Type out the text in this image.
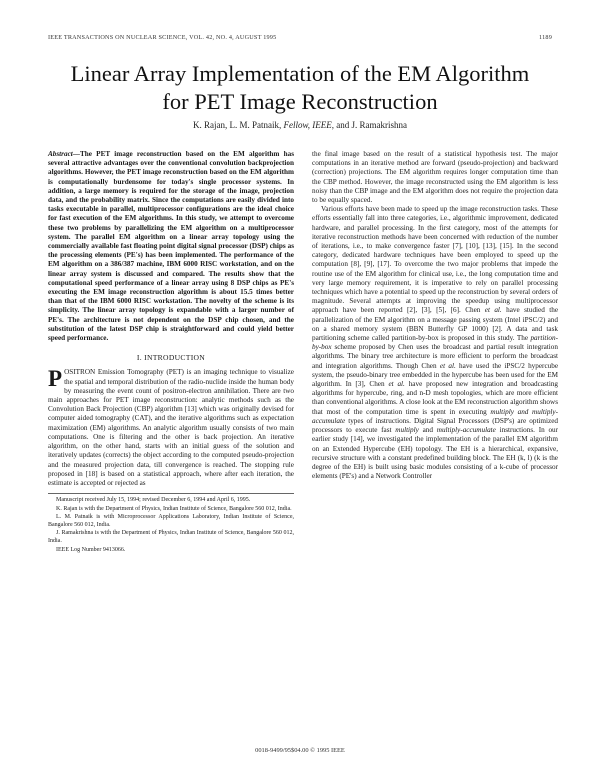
IEEE TRANSACTIONS ON NUCLEAR SCIENCE, VOL. 42, NO. 4, AUGUST 1995	1189
Linear Array Implementation of the EM Algorithm
for PET Image Reconstruction
K. Rajan, L. M. Patnaik, Fellow, IEEE, and J. Ramakrishna

Abstract—The PET image reconstruction based on the EM algorithm has several attractive advantages over the conventional convolution backprojection algorithms. However, the PET image reconstruction based on the EM algorithm is computationally burdensome for today's single processor systems. In addition, a large memory is required for the storage of the image, projection data, and the probability matrix. Since the computations are easily divided into tasks executable in parallel, multiprocessor configurations are the ideal choice for fast execution of the EM algorithms. In this study, we attempt to overcome these two problems by parallelizing the EM algorithm on a multiprocessor system. The parallel EM algorithm on a linear array topology using the commercially available fast floating point digital signal processor (DSP) chips as the processing elements (PE's) has been implemented. The performance of the EM algorithm on a 386/387 machine, IBM 6000 RISC workstation, and on the linear array system is discussed and compared. The results show that the computational speed performance of a linear array using 8 DSP chips as PE's executing the EM image reconstruction algorithm is about 15.5 times better than that of the IBM 6000 RISC workstation. The novelty of the scheme is its simplicity. The linear array topology is expandable with a larger number of PE's. The architecture is not dependent on the DSP chip chosen, and the substitution of the latest DSP chip is straightforward and could yield better speed performance.

I. INTRODUCTION

POSITRON Emission Tomography (PET) is an imaging technique to visualize the spatial and temporal distribution of the radio-nuclide inside the human body by measuring the event count of positron-electron annihilation. There are two main approaches for PET image reconstruction: analytic methods such as the Convolution Back Projection (CBP) algorithm [13] which was originally devised for computer aided tomography (CAT), and the iterative algorithms such as expectation maximization (EM) algorithms. An analytic algorithm usually consists of two main computations. One is filtering and the other is back projection. An iterative algorithm, on the other hand, starts with an initial guess of the solution and iteratively updates (corrects) the object according to the computed pseudo-projection and the measured projection data, till convergence is reached. The stopping rule proposed in [18] is based on a statistical approach, where after each iteration, the estimate is accepted or rejected as

Manuscript received July 15, 1994; revised December 6, 1994 and April 6, 1995.

K. Rajan is with the Department of Physics, Indian Institute of Science, Bangalore 560 012, India.

L. M. Patnaik is with Microprocessor Applications Laboratory, Indian Institute of Science, Bangalore 560 012, India.

J. Ramakrishna is with the Department of Physics, Indian Institute of Science, Bangalore 560 012, India.

IEEE Log Number 9413066.

the final image based on the result of a statistical hypothesis test. The major computations in an iterative method are forward (pseudo-projection) and backward (correction) projections. The EM algorithm requires longer computation time than the CBP method. However, the image reconstructed using the EM algorithm is less noisy than the CBP image and the EM algorithm does not require the projection data to be equally spaced.

Various efforts have been made to speed up the image reconstruction tasks. These efforts essentially fall into three categories, i.e., algorithmic improvement, dedicated hardware, and parallel processing. In the first category, most of the attempts for iterative reconstruction methods have been concerned with reduction of the number of iterations, i.e., to make convergence faster [7], [10], [13], [15]. In the second category, dedicated hardware techniques have been employed to speed up the computation [8], [9], [17]. To overcome the two major problems that impede the routine use of the EM algorithm for clinical use, i.e., the long computation time and very large memory requirement, it is imperative to rely on parallel processing techniques which have a potential to speed up the reconstruction by several orders of magnitude. Several attempts at improving the speedup using multiprocessor approach have been reported [2], [3], [5], [6]. Chen et al. have studied the parallelization of the EM algorithm on a message passing system (Intel iPSC/2) and on a shared memory system (BBN Butterfly GP 1000) [2]. A data and task partitioning scheme called partition-by-box is proposed in this study. The partition-by-box scheme proposed by Chen uses the broadcast and partial result integration algorithms. The binary tree architecture is more efficient to perform the broadcast and integration algorithms. Though Chen et al. have used the iPSC/2 hypercube system, the pseudo-binary tree embedded in the hypercube has been used for the EM algorithm. In [3], Chen et al. have proposed new integration and broadcasting algorithms for hypercube, ring, and n-D mesh topologies, which are more efficient than conventional algorithms. A close look at the EM reconstruction algorithm shows that most of the computation time is spent in executing multiply and multiply-accumulate types of instructions. Digital Signal Processors (DSP's) are optimized processors to execute fast multiply and multiply-accumulate instructions. In our earlier study [14], we investigated the implementation of the parallel EM algorithm on an Extended Hypercube (EH) topology. The EH is a hierarchical, expansive, recursive structure with a constant predefined building block. The EH (k, l) (k is the degree of the EH) is built using basic modules consisting of a k-cube of processor elements (PE's) and a Network Controller

0018-9499/95$04.00 © 1995 IEEE
